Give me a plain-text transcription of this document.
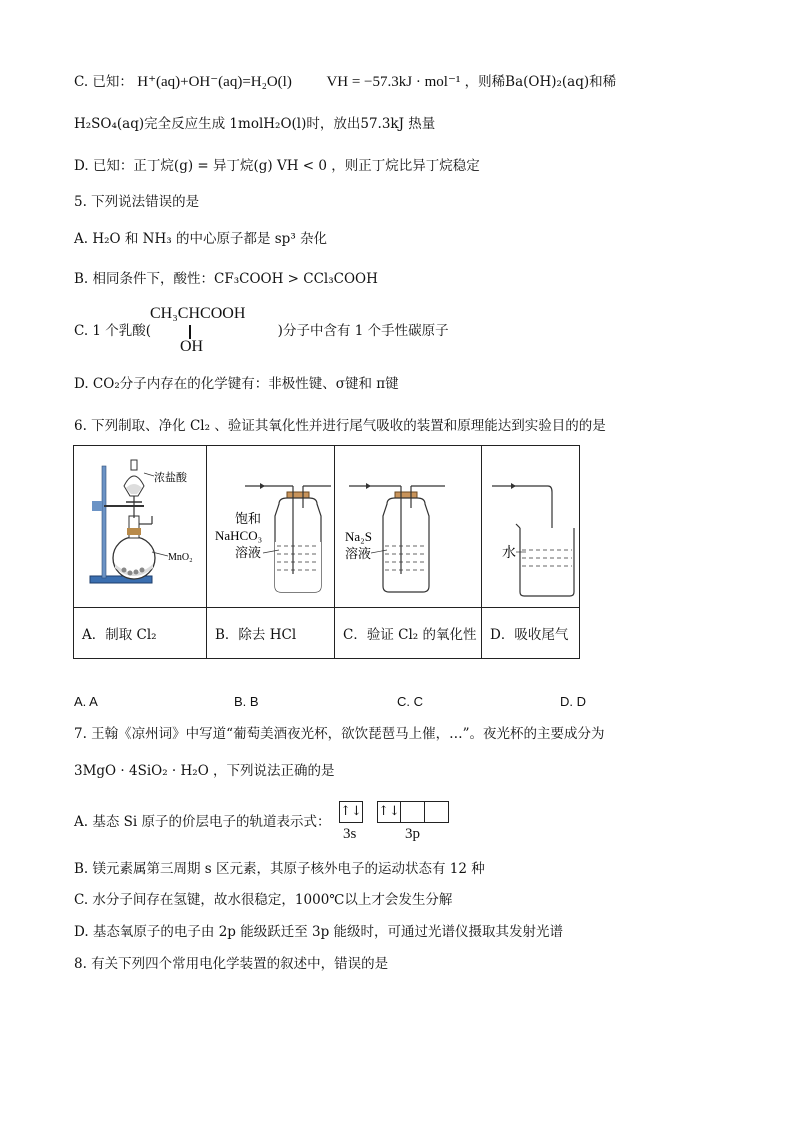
C. 已知： H⁺(aq)+OH⁻(aq)=H₂O(l) VH = −57.3kJ · mol⁻¹ ，则稀Ba(OH)₂(aq)和稀
H₂SO₄(aq)完全反应生成 1molH₂O(l)时，放出57.3kJ 热量
D. 已知：正丁烷(g) = 异丁烷(g) VH < 0 ，则正丁烷比异丁烷稳定
5. 下列说法错误的是
A. H₂O 和 NH₃ 的中心原子都是 sp³ 杂化
B. 相同条件下，酸性：CF₃COOH > CCl₃COOH
C. 1 个乳酸(	)分子中含有 1 个手性碳原子
CH₃CHCOOH
OH
D. CO₂分子内存在的化学键有：非极性键、σ键和 π键
6. 下列制取、净化 Cl₂ 、验证其氧化性并进行尾气吸收的装置和原理能达到实验目的的是
浓盐酸
MnO₂	饱和
NaHCO₃
溶液	Na₂S
溶液	水

A．制取 Cl₂	B．除去 HCl	C．验证 Cl₂ 的氧化性	D．吸收尾气
A. A	B. B	C. C	D. D
7. 王翰《凉州词》中写道“葡萄美酒夜光杯，欲饮琵琶马上催，…”。夜光杯的主要成分为
3MgO · 4SiO₂ · H₂O ，下列说法正确的是
A. 基态 Si 原子的价层电子的轨道表示式：
↑↓ ↑↓
3s	3p
B. 镁元素属第三周期 s 区元素，其原子核外电子的运动状态有 12 种
C. 水分子间存在氢键，故水很稳定，1000℃以上才会发生分解
D. 基态氧原子的电子由 2p 能级跃迁至 3p 能级时，可通过光谱仪摄取其发射光谱
8. 有关下列四个常用电化学装置的叙述中，错误的是
